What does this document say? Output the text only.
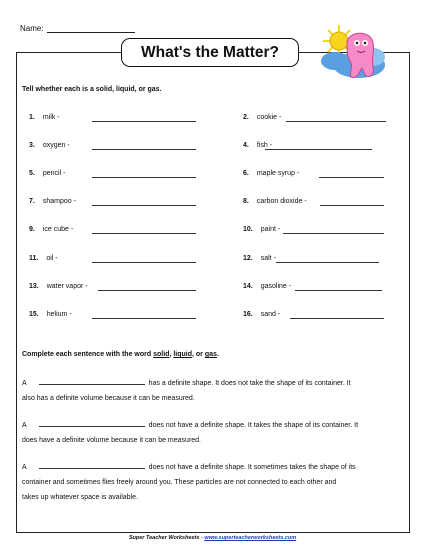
Name:
What's the Matter?
Tell whether each is a solid, liquid, or gas.
1. milk -
3. oxygen -
5. pencil -
7. shampoo -
9. ice cube -
11. oil -
13. water vapor -
15. helium -
2. cookie -
4. fish -
6. maple syrup -
8. carbon dioxide -
10. paint -
12. salt -
14. gasoline -
16. sand -
Complete each sentence with the word solid, liquid, or gas.
A	has a definite shape. It does not take the shape of its container. It
also has a definite volume because it can be measured.
A	does not have a definite shape. It takes the shape of its container. It
does have a definite volume because it can be measured.
A	does not have a definite shape. It sometimes takes the shape of its
container and sometimes flies freely around you. These particles are not connected to each other and
takes up whatever space is available.
Super Teacher Worksheets - www.superteacherworksheets.com
